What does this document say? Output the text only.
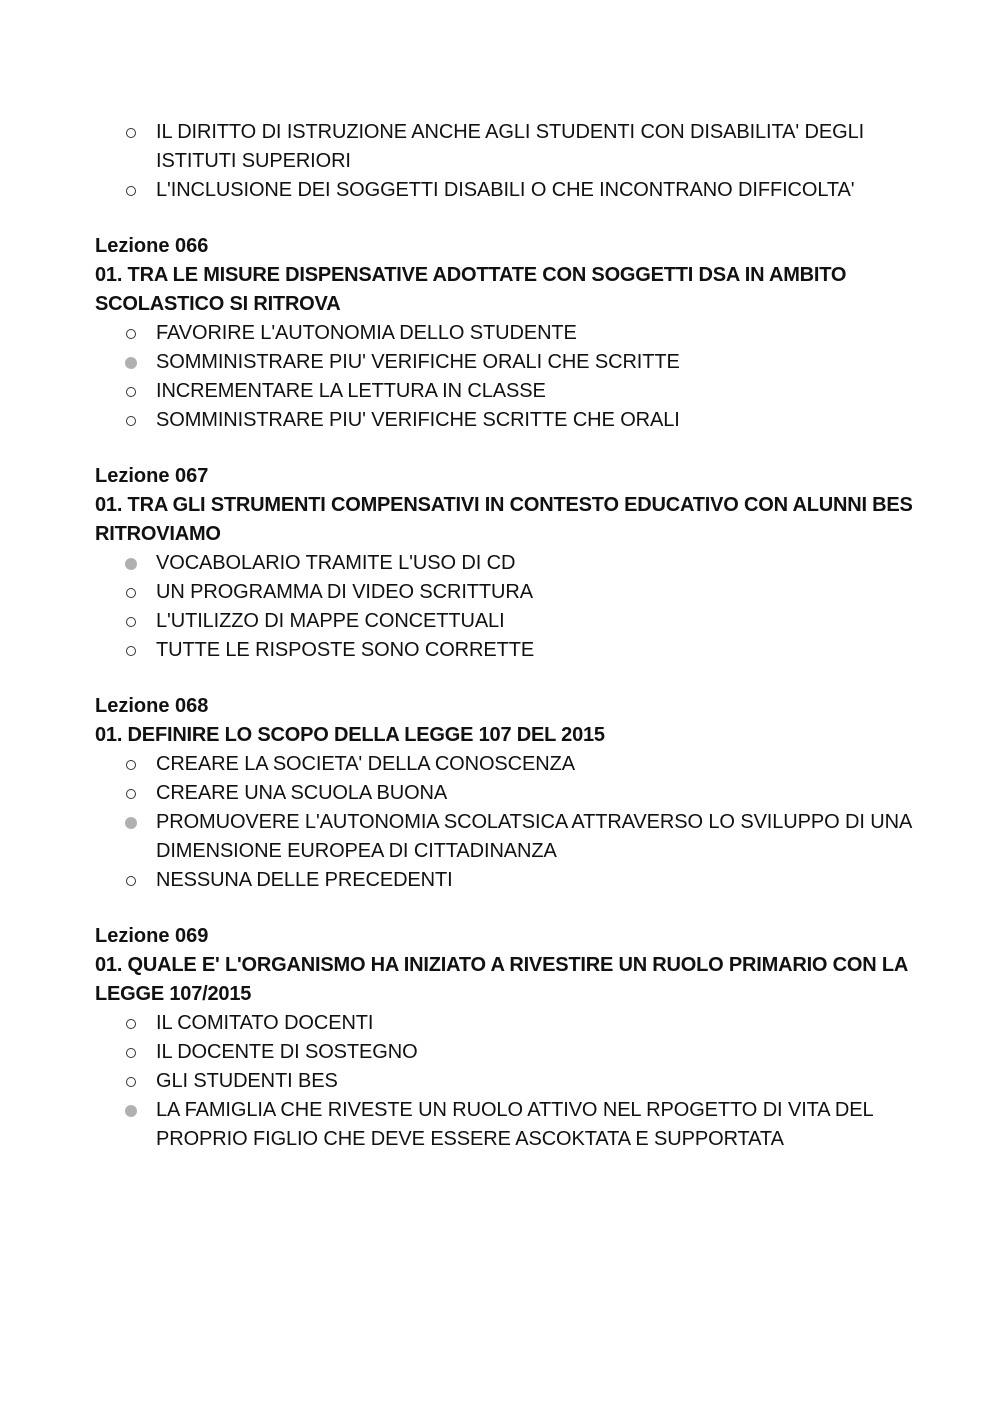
IL DIRITTO DI ISTRUZIONE ANCHE AGLI STUDENTI CON DISABILITA' DEGLI ISTITUTI SUPERIORI
L'INCLUSIONE DEI SOGGETTI DISABILI O CHE INCONTRANO DIFFICOLTA'

Lezione 066

01. TRA LE MISURE DISPENSATIVE ADOTTATE CON SOGGETTI DSA IN AMBITO SCOLASTICO SI RITROVA

FAVORIRE L'AUTONOMIA DELLO STUDENTE
SOMMINISTRARE PIU' VERIFICHE ORALI CHE SCRITTE
INCREMENTARE LA LETTURA IN CLASSE
SOMMINISTRARE PIU' VERIFICHE SCRITTE CHE ORALI

Lezione 067

01. TRA GLI STRUMENTI COMPENSATIVI IN CONTESTO EDUCATIVO CON ALUNNI BES RITROVIAMO

VOCABOLARIO TRAMITE L'USO DI CD
UN PROGRAMMA DI VIDEO SCRITTURA
L'UTILIZZO DI MAPPE CONCETTUALI
TUTTE LE RISPOSTE SONO CORRETTE

Lezione 068

01. DEFINIRE LO SCOPO DELLA LEGGE 107 DEL 2015

CREARE LA SOCIETA' DELLA CONOSCENZA
CREARE UNA SCUOLA BUONA
PROMUOVERE L'AUTONOMIA SCOLATSICA ATTRAVERSO LO SVILUPPO DI UNA DIMENSIONE EUROPEA DI CITTADINANZA
NESSUNA DELLE PRECEDENTI

Lezione 069

01. QUALE E' L'ORGANISMO HA INIZIATO A RIVESTIRE UN RUOLO PRIMARIO CON LA LEGGE 107/2015

IL COMITATO DOCENTI
IL DOCENTE DI SOSTEGNO
GLI STUDENTI BES
LA FAMIGLIA CHE RIVESTE UN RUOLO ATTIVO NEL RPOGETTO DI VITA DEL PROPRIO FIGLIO CHE DEVE ESSERE ASCOKTATA E SUPPORTATA
